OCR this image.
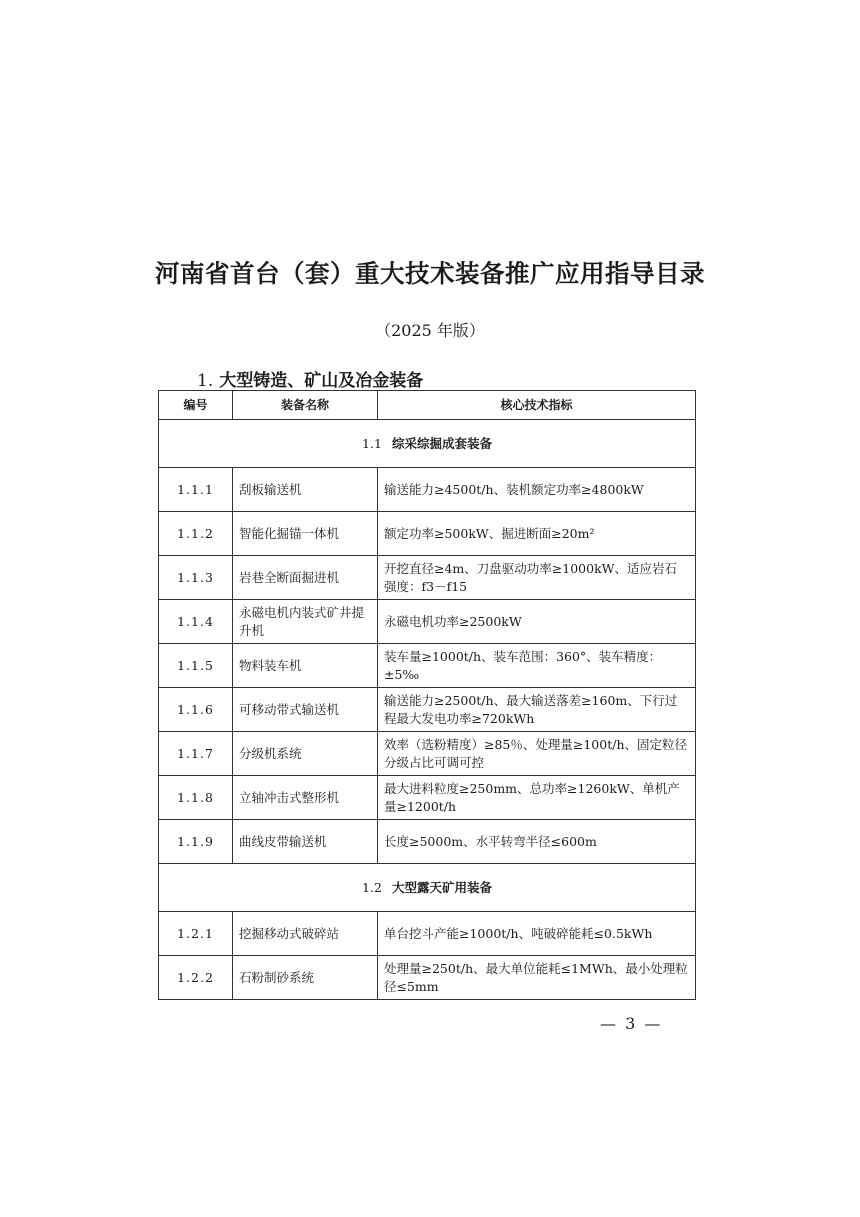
河南省首台（套）重大技术装备推广应用指导目录
（2025 年版）
1. 大型铸造、矿山及冶金装备
编号	装备名称	核心技术指标
1.1 综采综掘成套装备		
1.1.1	刮板输送机	输送能力≥4500t/h、装机额定功率≥4800kW
1.1.2	智能化掘锚一体机	额定功率≥500kW、掘进断面≥20m²
1.1.3	岩巷全断面掘进机	开挖直径≥4m、刀盘驱动功率≥1000kW、适应岩石强度：f3－f15
1.1.4	永磁电机内装式矿井提升机	永磁电机功率≥2500kW
1.1.5	物料装车机	装车量≥1000t/h、装车范围：360°、装车精度：±5‰
1.1.6	可移动带式输送机	输送能力≥2500t/h、最大输送落差≥160m、下行过程最大发电功率≥720kWh
1.1.7	分级机系统	效率（选粉精度）≥85％、处理量≥100t/h、固定粒径分级占比可调可控
1.1.8	立轴冲击式整形机	最大进料粒度≥250mm、总功率≥1260kW、单机产量≥1200t/h
1.1.9	曲线皮带输送机	长度≥5000m、水平转弯半径≤600m
1.2 大型露天矿用装备		
1.2.1	挖掘移动式破碎站	单台挖斗产能≥1000t/h、吨破碎能耗≤0.5kWh
1.2.2	石粉制砂系统	处理量≥250t/h、最大单位能耗≤1MWh、最小处理粒径≤5mm
— 3 —
